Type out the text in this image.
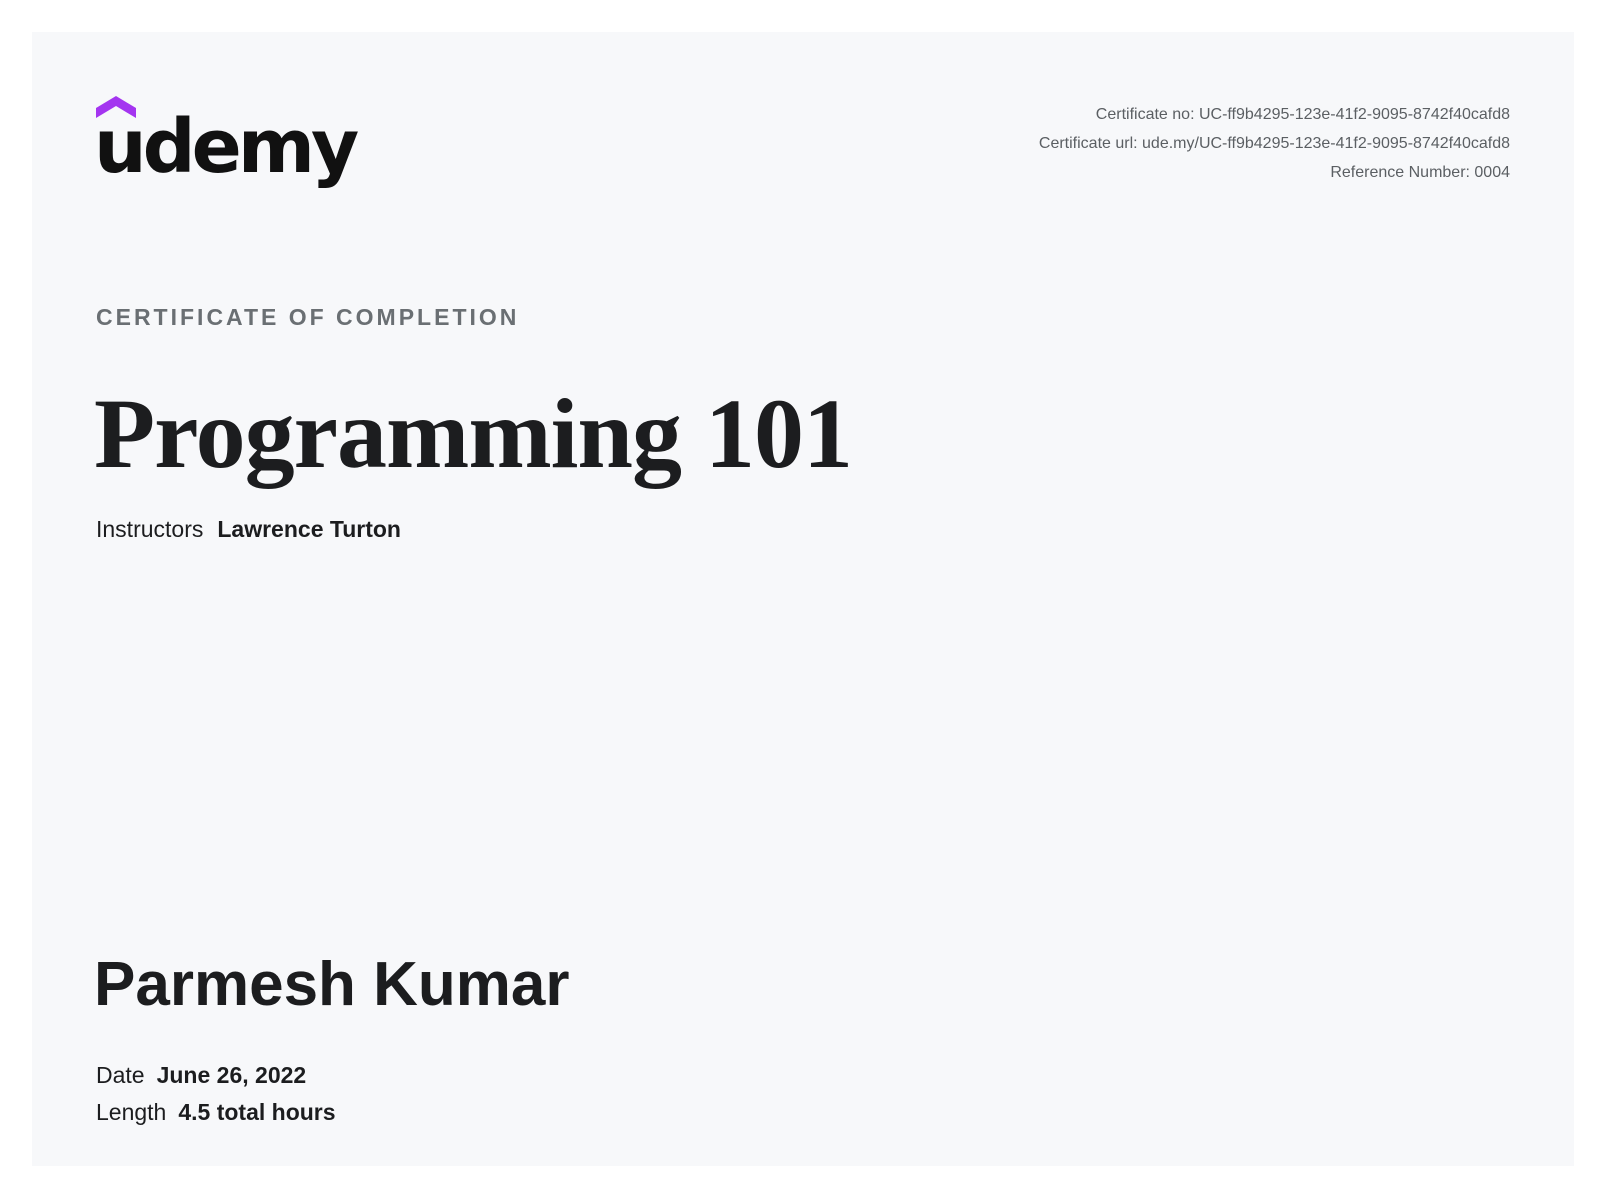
udemy	Certificate no: UC-ff9b4295-123e-41f2-9095-8742f40cafd8
Certificate url: ude.my/UC-ff9b4295-123e-41f2-9095-8742f40cafd8
Reference Number: 0004
CERTIFICATE OF COMPLETION
Programming 101
Instructors Lawrence Turton
Parmesh Kumar
Date June 26, 2022
Length 4.5 total hours
